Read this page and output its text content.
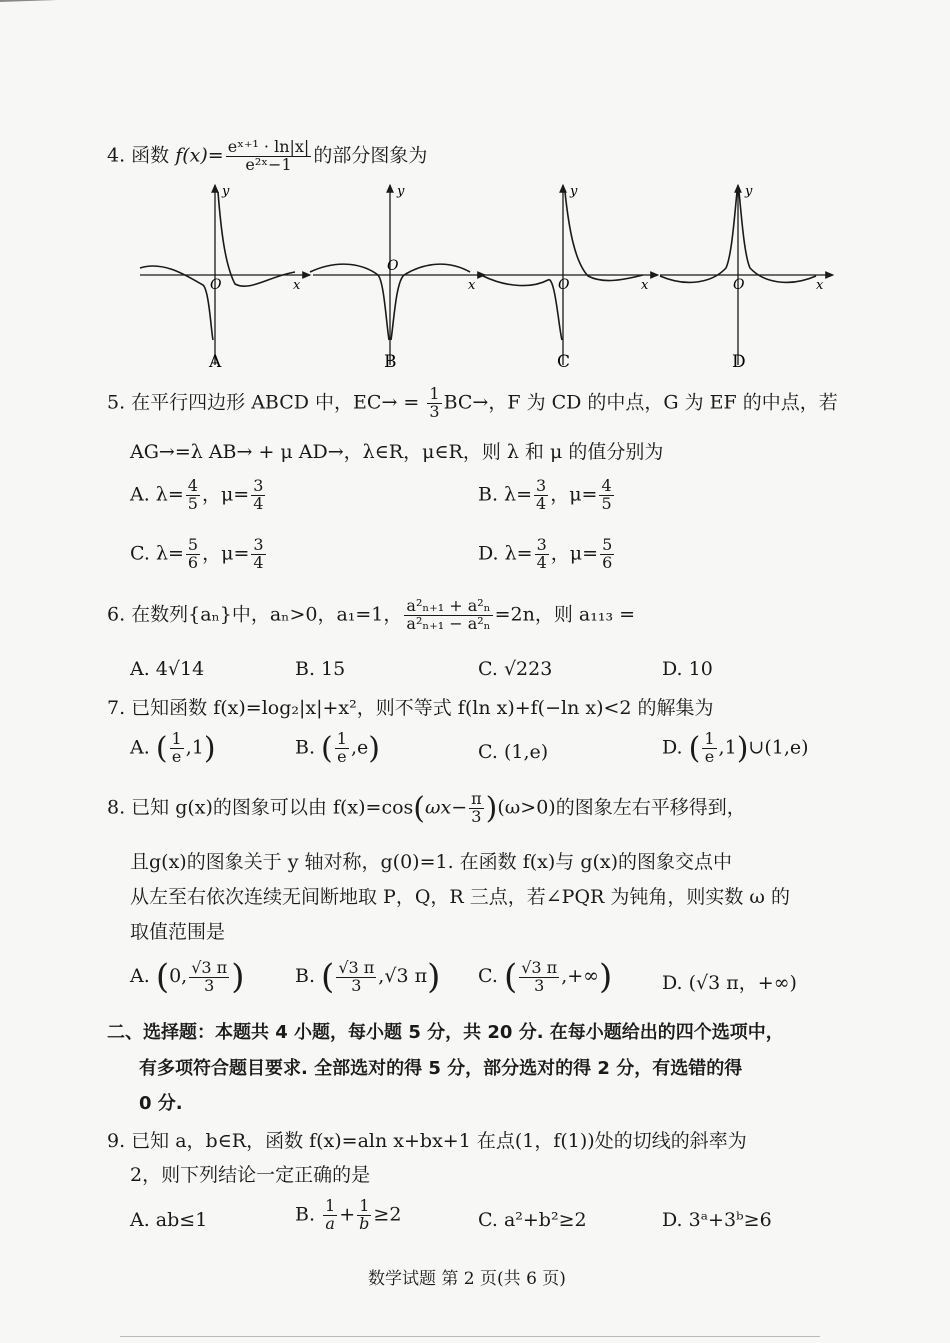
4. 函数 $f(x)= \frac{\text{eˣ⁺¹ · ln|x|}}{\text{e²ˣ−1}}$ 的部分图象为
y
x
O
A
y
x
O
B
y
x
O
C
y
x
O
D
5. 在平行四边形 ABCD 中，$EC\to = \frac{1}{3} BC\to$，F 为 CD 的中点，G 为 EF 的中点，若
AG→=λ AB→ + μ AD→，λ∈R，μ∈R，则 λ 和 μ 的值分别为
A. $\lambda= \frac{4}{5}$ ，$\mu= \frac{3}{4}$	B. $\lambda= \frac{3}{4}$ ，$\mu= \frac{4}{5}$
C. $\lambda= \frac{5}{6}$ ，$\mu= \frac{3}{4}$	D. $\lambda= \frac{3}{4}$ ，$\mu= \frac{5}{6}$
6. 在数列{aₙ}中，aₙ>0，a₁=1， $\frac{\text{a²ₙ₊₁ + a²ₙ}}{\text{a²ₙ₊₁ − a²ₙ}} =2n$，则 a₁₁₃ =
A. 4√14	B. 15	C. √223	D. 10
7. 已知函数 f(x)=log₂|x|+x²，则不等式 f(ln x)+f(−ln x)<2 的解集为
A. ( $\frac{1}{e} ,1$)	B. ( $\frac{1}{e} ,e$)	C. (1,e)	D. ( $\frac{1}{e}$ ,1)∪(1,e)
8. 已知 g(x)的图象可以由 $f(x)=\cos(\omega x- \frac{\pi}{3} )(\omega>0)$的图象左右平移得到，
且g(x)的图象关于 y 轴对称，g(0)=1. 在函数 f(x)与 g(x)的图象交点中
从左至右依次连续无间断地取 P，Q，R 三点，若∠PQR 为钝角，则实数 ω 的
取值范围是
A. (0, $\frac{√3 \pi}{3}$ )	B. ( $\frac{√3 \pi}{3} ,√3$ π) C. ( $\frac{√3 \pi}{3}$ ,+∞)	D. (√3 π，+∞)
二、选择题：本题共 4 小题，每小题 5 分，共 20 分. 在每小题给出的四个选项中，
有多项符合题目要求. 全部选对的得 5 分，部分选对的得 2 分，有选错的得
0 分.
9. 已知 a，b∈R，函数 f(x)=aln x+bx+1 在点(1，f(1))处的切线的斜率为
2，则下列结论一定正确的是
A. ab≤1	B. $\frac{1}{a} + \frac{1}{b} \ge 2$	C. a²+b²≥2	D. 3ᵃ+3ᵇ≥6
数学试题 第 2 页(共 6 页)
